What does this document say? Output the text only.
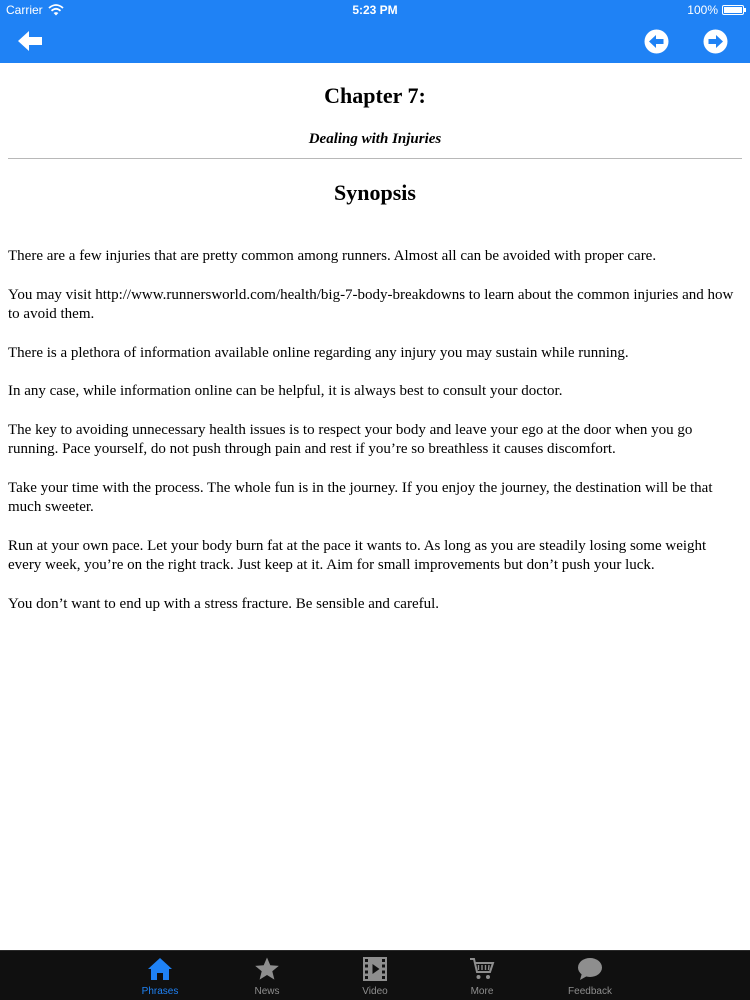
Carrier	5:23 PM	100%
Chapter 7:
Dealing with Injuries
Synopsis

There are a few injuries that are pretty common among runners. Almost all can be avoided with proper care.

You may visit http://www.runnersworld.com/health/big-7-body-breakdowns to learn about the common injuries and how to avoid them.

There is a plethora of information available online regarding any injury you may sustain while running.

In any case, while information online can be helpful, it is always best to consult your doctor.

The key to avoiding unnecessary health issues is to respect your body and leave your ego at the door when you go running. Pace yourself, do not push through pain and rest if you’re so breathless it causes discomfort.

Take your time with the process. The whole fun is in the journey. If you enjoy the journey, the destination will be that much sweeter.

Run at your own pace. Let your body burn fat at the pace it wants to. As long as you are steadily losing some weight every week, you’re on the right track. Just keep at it. Aim for small improvements but don’t push your luck.

You don’t want to end up with a stress fracture. Be sensible and careful.

Phrases	News	Video	More	Feedback
